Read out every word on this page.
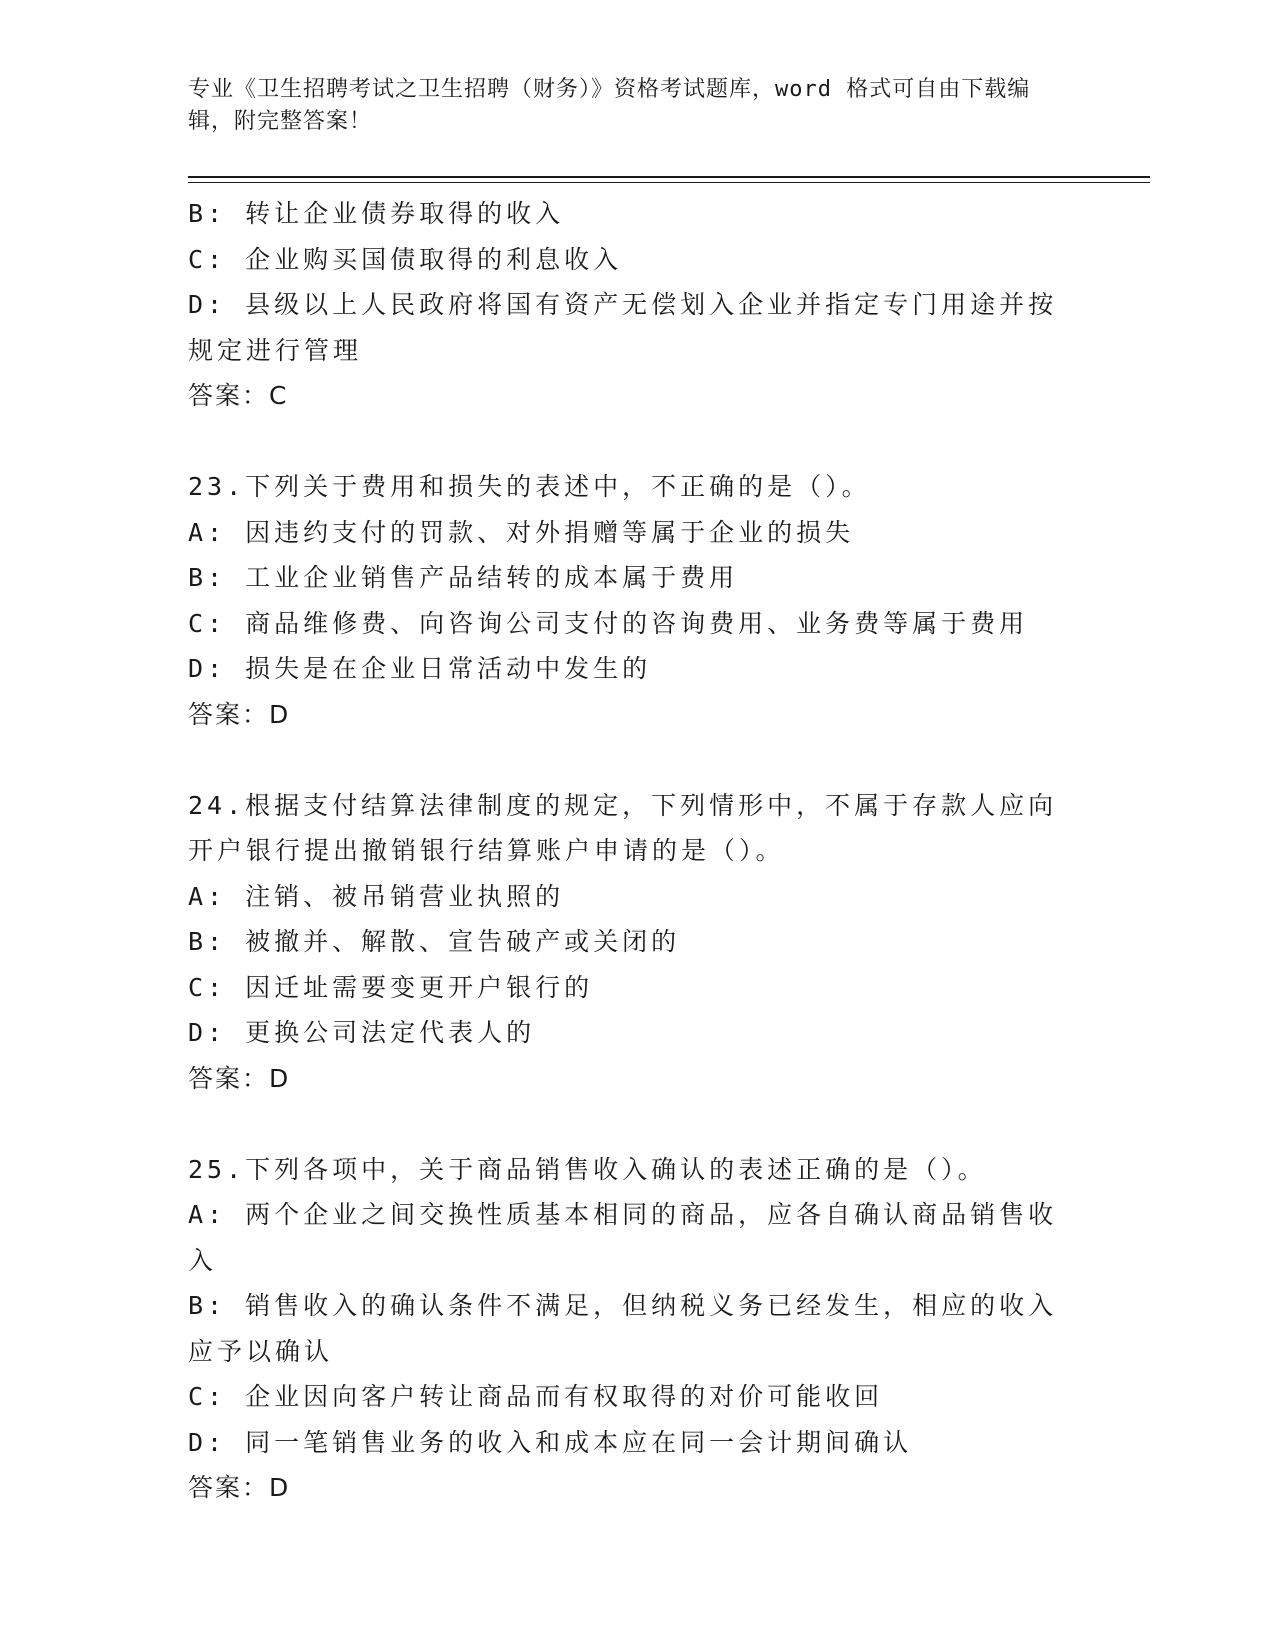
专业《卫生招聘考试之卫生招聘（财务）》资格考试题库，word 格式可自由下载编辑，附完整答案！

B: 转让企业债券取得的收入

C: 企业购买国债取得的利息收入

D: 县级以上人民政府将国有资产无偿划入企业并指定专门用途并按规定进行管理

答案：C

23.下列关于费用和损失的表述中，不正确的是（）。

A: 因违约支付的罚款、对外捐赠等属于企业的损失

B: 工业企业销售产品结转的成本属于费用

C: 商品维修费、向咨询公司支付的咨询费用、业务费等属于费用

D: 损失是在企业日常活动中发生的

答案：D

24.根据支付结算法律制度的规定，下列情形中，不属于存款人应向开户银行提出撤销银行结算账户申请的是（）。

A: 注销、被吊销营业执照的

B: 被撤并、解散、宣告破产或关闭的

C: 因迁址需要变更开户银行的

D: 更换公司法定代表人的

答案：D

25.下列各项中，关于商品销售收入确认的表述正确的是（）。

A: 两个企业之间交换性质基本相同的商品，应各自确认商品销售收入

B: 销售收入的确认条件不满足，但纳税义务已经发生，相应的收入应予以确认

C: 企业因向客户转让商品而有权取得的对价可能收回

D: 同一笔销售业务的收入和成本应在同一会计期间确认

答案：D
